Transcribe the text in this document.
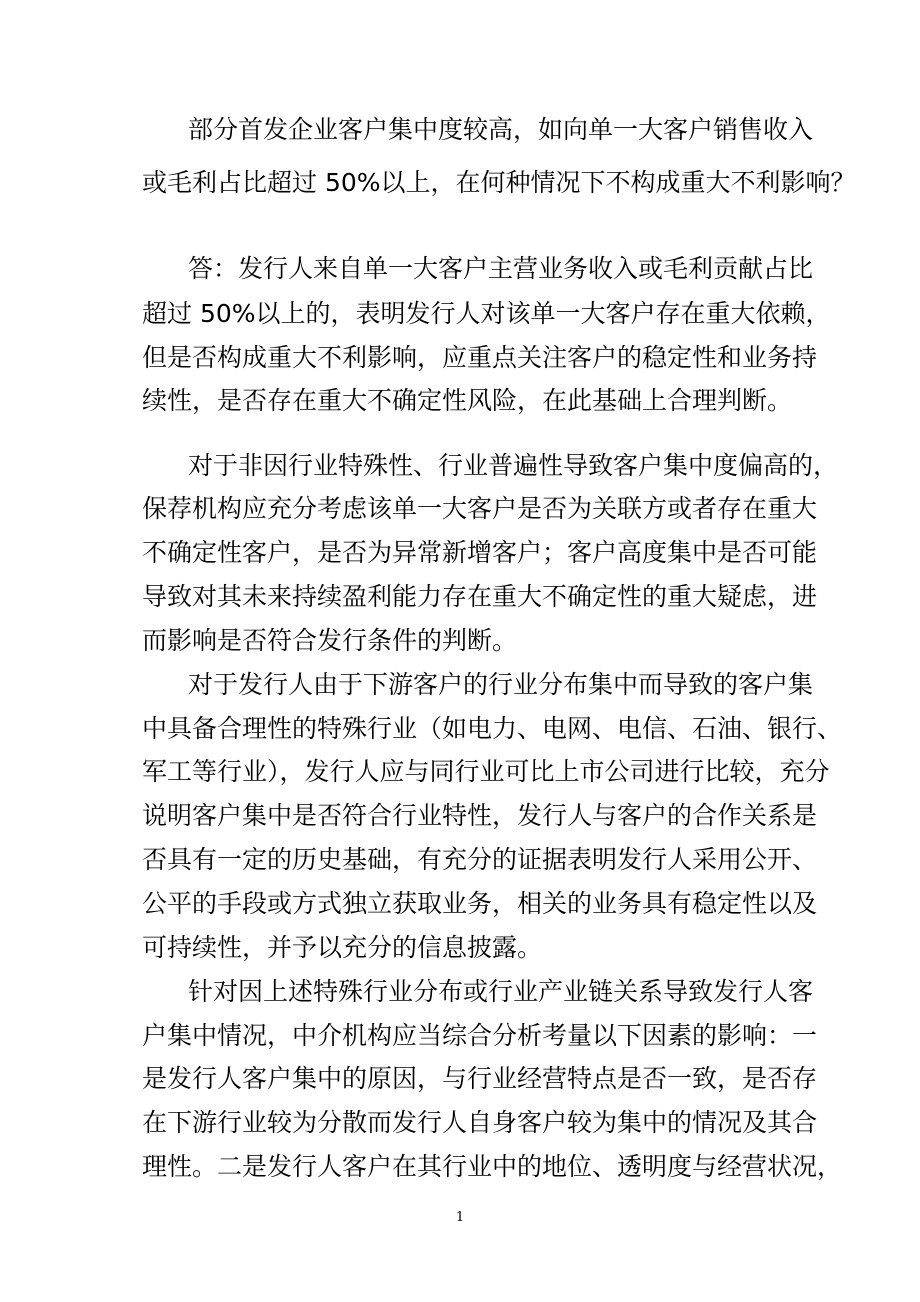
部分首发企业客户集中度较高，如向单一大客户销售收入
或毛利占比超过 50%以上，在何种情况下不构成重大不利影响？
答：发行人来自单一大客户主营业务收入或毛利贡献占比
超过 50%以上的，表明发行人对该单一大客户存在重大依赖，
但是否构成重大不利影响，应重点关注客户的稳定性和业务持
续性，是否存在重大不确定性风险，在此基础上合理判断。
对于非因行业特殊性、行业普遍性导致客户集中度偏高的，
保荐机构应充分考虑该单一大客户是否为关联方或者存在重大
不确定性客户，是否为异常新增客户；客户高度集中是否可能
导致对其未来持续盈利能力存在重大不确定性的重大疑虑，进
而影响是否符合发行条件的判断。
对于发行人由于下游客户的行业分布集中而导致的客户集
中具备合理性的特殊行业（如电力、电网、电信、石油、银行、
军工等行业），发行人应与同行业可比上市公司进行比较，充分
说明客户集中是否符合行业特性，发行人与客户的合作关系是
否具有一定的历史基础，有充分的证据表明发行人采用公开、
公平的手段或方式独立获取业务，相关的业务具有稳定性以及
可持续性，并予以充分的信息披露。
针对因上述特殊行业分布或行业产业链关系导致发行人客
户集中情况，中介机构应当综合分析考量以下因素的影响：一
是发行人客户集中的原因，与行业经营特点是否一致，是否存
在下游行业较为分散而发行人自身客户较为集中的情况及其合
理性。二是发行人客户在其行业中的地位、透明度与经营状况，
1
